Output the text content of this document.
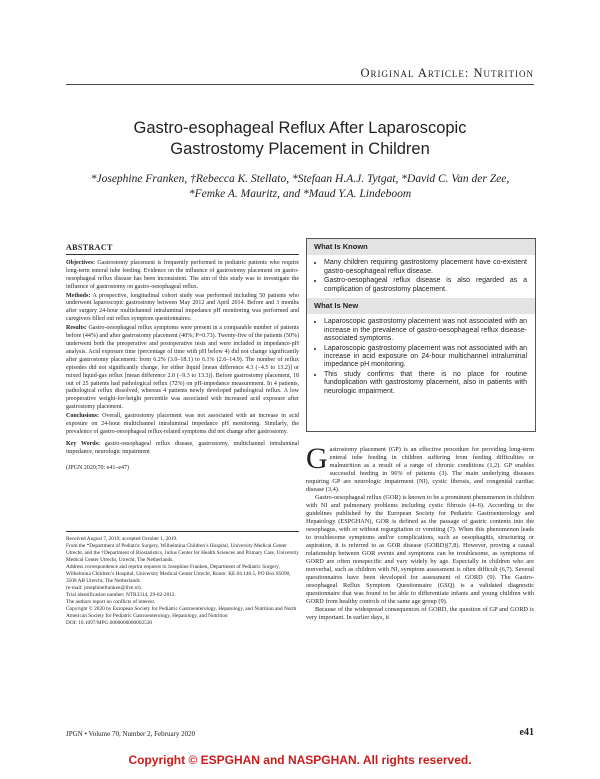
Original Article: Nutrition
Gastro-esophageal Reflux After Laparoscopic
Gastrostomy Placement in Children
*Josephine Franken, †Rebecca K. Stellato, *Stefaan H.A.J. Tytgat, *David C. Van der Zee,
*Femke A. Mauritz, and *Maud Y.A. Lindeboom
ABSTRACT

Objectives: Gastrostomy placement is frequently performed in pediatric patients who require long-term enteral tube feeding. Evidence on the influence of gastrostomy placement on gastro-oesophageal reflux disease has been inconsistent. The aim of this study was to investigate the influence of gastrostomy on gastro-oesophageal reflux.

Methods: A prospective, longitudinal cohort study was performed including 50 patients who underwent laparoscopic gastrostomy between May 2012 and April 2014. Before and 3 months after surgery 24-hour multichannel intraluminal impedance pH monitoring was performed and caregivers filled out reflux symptom questionnaires.

Results: Gastro-oesophageal reflux symptoms were present in a comparable number of patients before (44%) and after gastrostomy placement (40%; P=0.73). Twenty-five of the patients (50%) underwent both the preoperative and postoperative tests and were included in impedance-pH analysis. Acid exposure time (percentage of time with pH below 4) did not change significantly after gastrostomy placement: from 6.2% (3.0–18.1) to 6.1% (2.6–14.9). The number of reflux episodes did not significantly change, for either liquid [mean difference 4.3 (−4.5 to 13.2)] or mixed liquid-gas reflux [mean difference 2.0 (−9.3 to 13.3)]. Before gastrostomy placement, 18 out of 25 patients had pathological reflux (72%) on pH-impedance measurement. In 4 patients, pathological reflux dissolved, whereas 4 patients newly developed pathological reflux. A low preoperative weight-for-height percentile was associated with increased acid exposure after gastrostomy placement.

Conclusions: Overall, gastrostomy placement was not associated with an increase in acid exposure on 24-hour multichannel intraluminal impedance pH monitoring. Similarly, the prevalence of gastro-oesophageal reflux-related symptoms did not change after gastrostomy.

Key Words: gastro-oesophageal reflux disease, gastrostomy, multichannel intraluminal impedance, neurologic impairment

(JPGN 2020;70: e41–e47)

Received August 7, 2019; accepted October 1, 2019.

From the *Department of Pediatric Surgery, Wilhelmina Children’s Hospital, University Medical Center Utrecht, and the †Department of Biostatistics, Julius Center for Health Sciences and Primary Care, University Medical Center Utrecht, Utrecht, The Netherlands.

Address correspondence and reprint requests to Josephine Franken, Department of Pediatric Surgery, Wilhelmina Children’s Hospital, University Medical Center Utrecht, Room: KE.04.140.5, PO Box 85090, 3508 AB Utrecht, The Netherlands

(e-mail: josephinefranken@live.nl).

Trial identification number: NTR3314, 29-02-2012.

The authors report no conflicts of interest.

Copyright © 2020 by European Society for Pediatric Gastroenterology, Hepatology, and Nutrition and North American Society for Pediatric Gastroenterology, Hepatology, and Nutrition

DOI: 10.1097/MPG.0000000000002530

What Is Known
• Many children requiring gastrostomy placement have co-existent gastro-oesophageal reflux disease.
• Gastro-oesophageal reflux disease is also regarded as a complication of gastrostomy placement.
What Is New
• Laparoscopic gastrostomy placement was not associated with an increase in the prevalence of gastro-oesophageal reflux disease-associated symptoms.
• Laparoscopic gastrostomy placement was not associated with an increase in acid exposure on 24-hour multichannel intraluminal impedance pH monitoring.
• This study confirms that there is no place for routine fundoplication with gastrostomy placement, also in patients with neurologic impairment.

Gastrostomy placement (GP) is an effective procedure for providing long-term enteral tube feeding in children suffering from feeding difficulties or malnutrition as a result of a range of chronic conditions (1,2). GP enables successful feeding in 96% of patients (3). The main underlying diseases requiring GP are neurologic impairment (NI), cystic fibrosis, and congenital cardiac disease (3,4).

Gastro-oesophageal reflux (GOR) is known to be a prominent phenomenon in children with NI and pulmonary problems including cystic fibrosis (4–6). According to the guidelines published by the European Society for Pediatric Gastroenterology and Hepatology (ESPGHAN), GOR is defined as the passage of gastric contents into the oesophagus, with or without regurgitation or vomiting (7). When this phenomenon leads to troublesome symptoms and/or complications, such as oesophagitis, structuring or aspiration, it is referred to as GOR disease (GORD)(7,8). However, proving a causal relationship between GOR events and symptoms can be troublesome, as symptoms of GORD are often nonspecific and vary widely by age. Especially in children who are nonverbal, such as children with NI, symptom assessment is often difficult (6,7). Several questionnaires have been developed for assessment of GORD (9). The Gastro-oesophageal Reflux Symptom Questionnaire (GSQ) is a validated diagnostic questionnaire that was found to be able to differentiate infants and young children with GORD from healthy controls of the same age group (9).

Because of the widespread consequences of GORD, the question of GP and GORD is very important. In earlier days, it

JPGN • Volume 70, Number 2, February 2020	e41
Copyright © ESPGHAN and NASPGHAN. All rights reserved.
